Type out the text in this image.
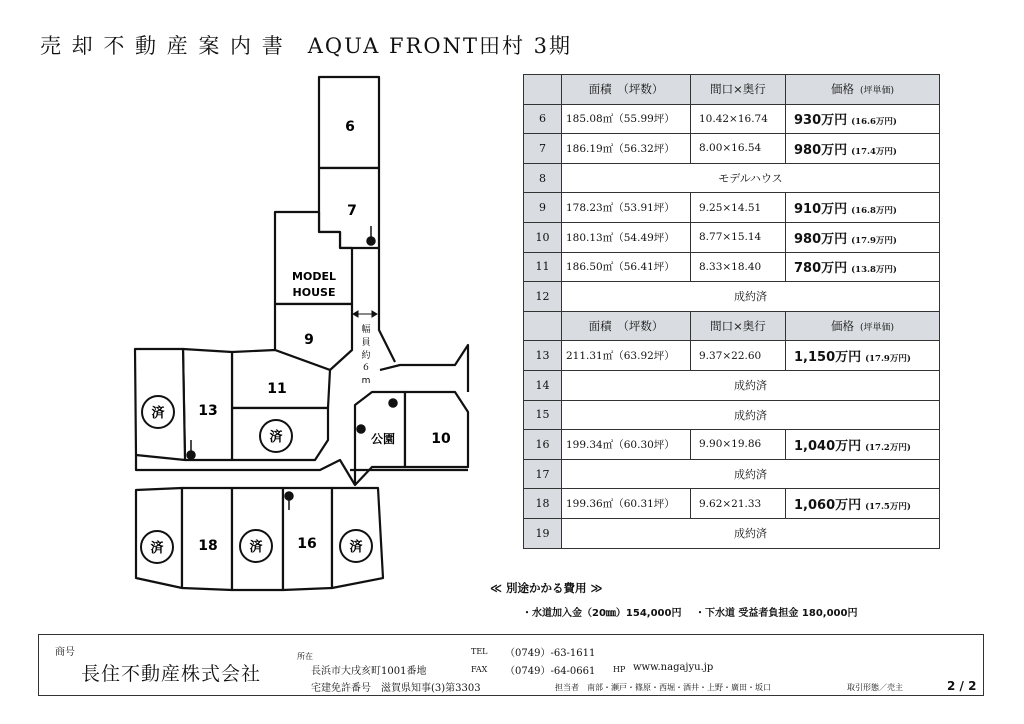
売 却 不 動 産 案 内 書　AQUA FRONT田村 3期
幅
員
約
６
m
6
7
MODEL
HOUSE
9
11
13
10
公園
18	16
済
済
済	済	済
	面積　（坪数）	間口×奥行	価格 (坪単価)
6	185.08㎡（55.99坪）	10.42×16.74	930万円 (16.6万円)
7	186.19㎡（56.32坪）	8.00×16.54	980万円 (17.4万円)
8	モデルハウス		
9	178.23㎡（53.91坪）	9.25×14.51	910万円 (16.8万円)
10	180.13㎡（54.49坪）	8.77×15.14	980万円 (17.9万円)
11	186.50㎡（56.41坪）	8.33×18.40	780万円 (13.8万円)
12	成約済		
	面積　（坪数）	間口×奥行	価格 (坪単価)
13	211.31㎡（63.92坪）	9.37×22.60	1,150万円 (17.9万円)
14	成約済		
15	成約済		
16	199.34㎡（60.30坪）	9.90×19.86	1,040万円 (17.2万円)
17	成約済		
18	199.36㎡（60.31坪）	9.62×21.33	1,060万円 (17.5万円)
19	成約済		
≪ 別途かかる費用 ≫
・水道加入金（20㎜）154,000円 ・下水道 受益者負担金 180,000円
商号
長住不動産株式会社
所在
長浜市大戌亥町1001番地
宅建免許番号　滋賀県知事(3)第3303
TEL （0749）-63-1611
FAX （0749）-64-0661 HP www.nagajyu.jp
担当者　南部・瀬戸・篠原・西堀・酒井・上野・廣田・坂口	取引形態／売主	2 / 2
